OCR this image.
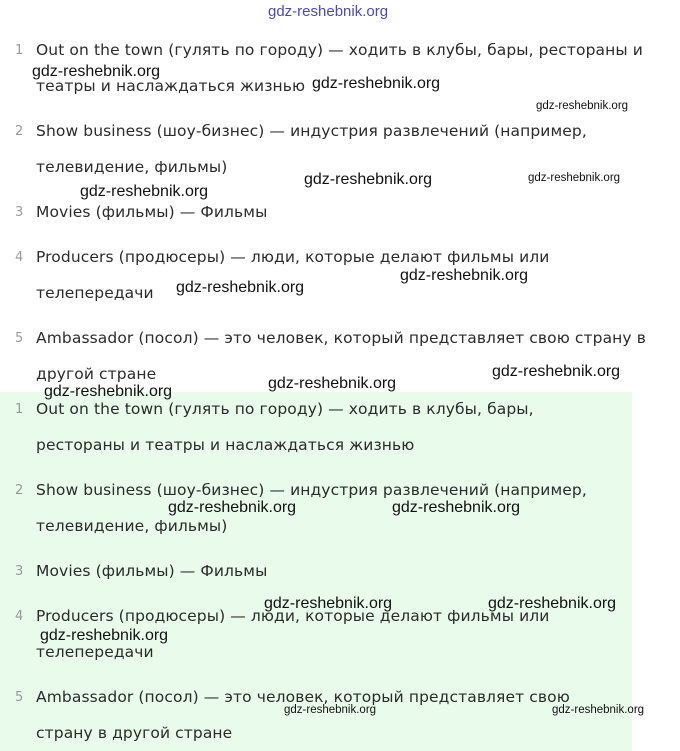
1 Out on the town (гулять по городу) — ходить в клубы, бары, рестораны и
театры и наслаждаться жизнью
2 Show business (шоу-бизнес) — индустрия развлечений (например,
телевидение, фильмы)
3 Movies (фильмы) — Фильмы
4 Producers (продюсеры) — люди, которые делают фильмы или
телепередачи
5 Ambassador (посол) — это человек, который представляет свою страну в
другой стране
1 Out on the town (гулять по городу) — ходить в клубы, бары,
рестораны и театры и наслаждаться жизнью
2 Show business (шоу-бизнес) — индустрия развлечений (например,
телевидение, фильмы)
3 Movies (фильмы) — Фильмы
4 Producers (продюсеры) — люди, которые делают фильмы или
телепередачи
5 Ambassador (посол) — это человек, который представляет свою
страну в другой стране
gdz-reshebnik.org
gdz-reshebnik.org
gdz-reshebnik.org
gdz-reshebnik.org
gdz-reshebnik.org	gdz-reshebnik.org
gdz-reshebnik.org
gdz-reshebnik.org
gdz-reshebnik.org
gdz-reshebnik.org
gdz-reshebnik.org
gdz-reshebnik.org
gdz-reshebnik.org	gdz-reshebnik.org
gdz-reshebnik.org	gdz-reshebnik.org
gdz-reshebnik.org
gdz-reshebnik.org	gdz-reshebnik.org
